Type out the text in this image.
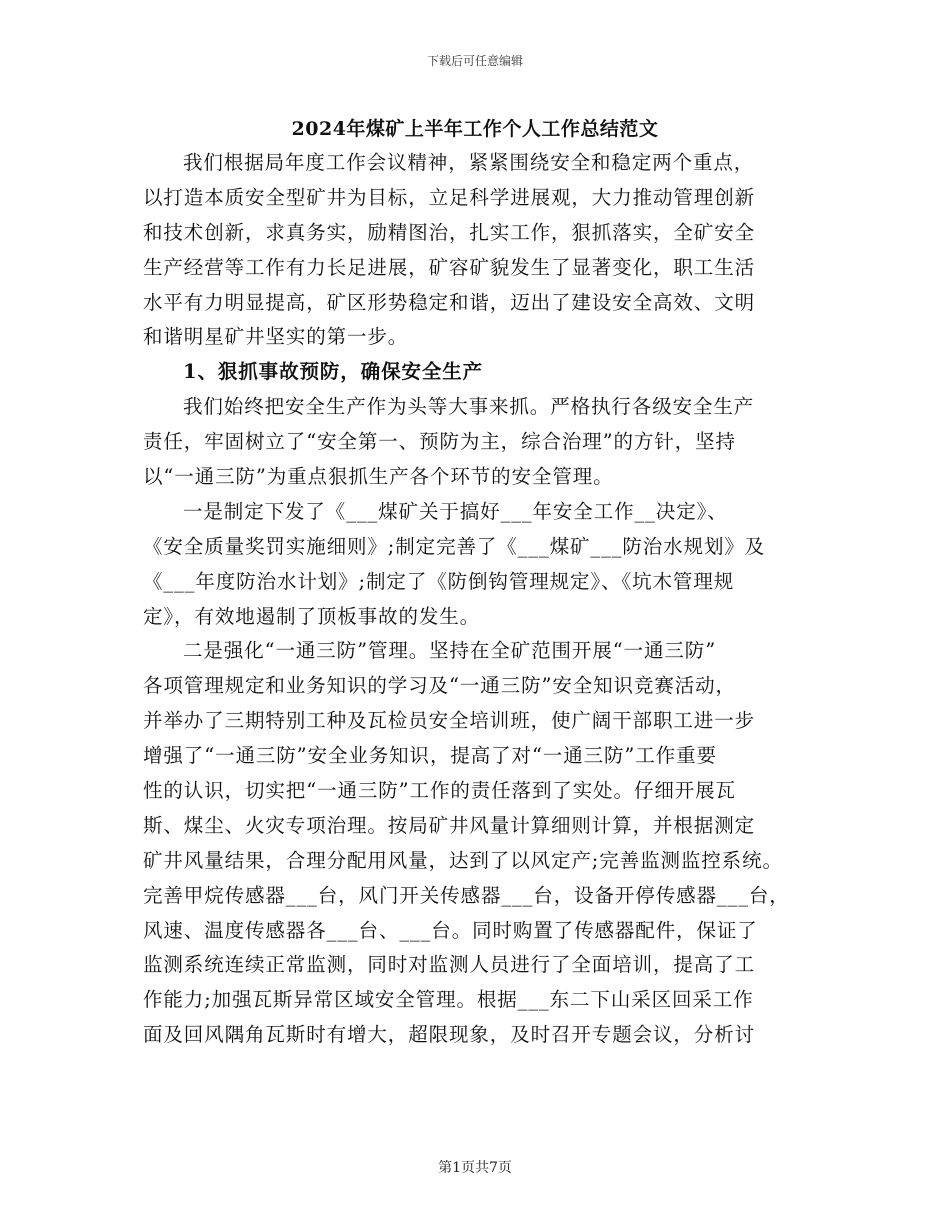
下载后可任意编辑
2024年煤矿上半年工作个人工作总结范文
我们根据局年度工作会议精神，紧紧围绕安全和稳定两个重点，
以打造本质安全型矿井为目标，立足科学进展观，大力推动管理创新
和技术创新，求真务实，励精图治，扎实工作，狠抓落实，全矿安全
生产经营等工作有力长足进展，矿容矿貌发生了显著变化，职工生活
水平有力明显提高，矿区形势稳定和谐，迈出了建设安全高效、文明
和谐明星矿井坚实的第一步。
1、狠抓事故预防，确保安全生产
我们始终把安全生产作为头等大事来抓。严格执行各级安全生产
责任，牢固树立了“安全第一、预防为主，综合治理”的方针，坚持
以“一通三防”为重点狠抓生产各个环节的安全管理。
一是制定下发了《___煤矿关于搞好___年安全工作__决定》、
《安全质量奖罚实施细则》;制定完善了《___煤矿___防治水规划》及
《___年度防治水计划》;制定了《防倒钩管理规定》、《坑木管理规
定》，有效地遏制了顶板事故的发生。
二是强化“一通三防”管理。坚持在全矿范围开展“一通三防”
各项管理规定和业务知识的学习及“一通三防”安全知识竞赛活动，
并举办了三期特别工种及瓦检员安全培训班，使广阔干部职工进一步
增强了“一通三防”安全业务知识，提高了对“一通三防”工作重要
性的认识，切实把“一通三防”工作的责任落到了实处。仔细开展瓦
斯、煤尘、火灾专项治理。按局矿井风量计算细则计算，并根据测定
矿井风量结果，合理分配用风量，达到了以风定产;完善监测监控系统。
完善甲烷传感器___台，风门开关传感器___台，设备开停传感器___台，
风速、温度传感器各___台、___台。同时购置了传感器配件，保证了
监测系统连续正常监测，同时对监测人员进行了全面培训，提高了工
作能力;加强瓦斯异常区域安全管理。根据___东二下山采区回采工作
面及回风隅角瓦斯时有增大，超限现象，及时召开专题会议，分析讨
第1页共7页
